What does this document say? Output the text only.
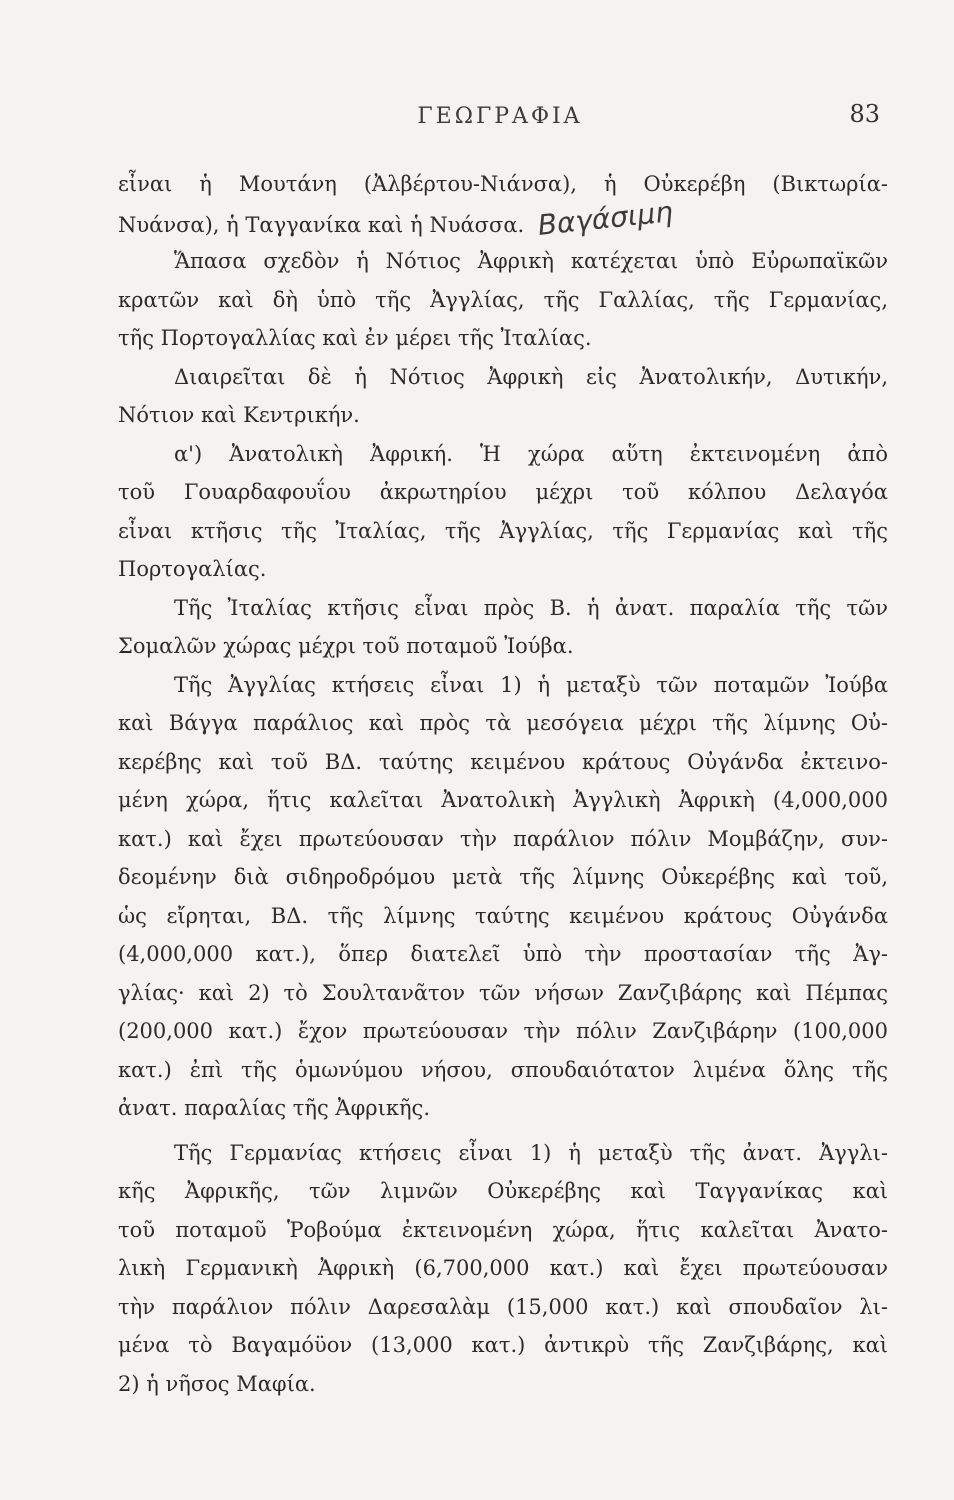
ΓΕΩΓΡΑΦΙΑ	83
εἶναι ἡ Μουτάνη (Ἀλβέρτου-Νιάνσα), ἡ Οὐκερέβη (Βικτωρία-
Νυάνσα), ἡ Ταγγανίκα καὶ ἡ Νυάσσα. Βαγάσιμη
Ἅπασα σχεδὸν ἡ Νότιος Ἀφρικὴ κατέχεται ὑπὸ Εὐρωπαϊκῶν
κρατῶν καὶ δὴ ὑπὸ τῆς Ἀγγλίας, τῆς Γαλλίας, τῆς Γερμανίας,
τῆς Πορτογαλλίας καὶ ἐν μέρει τῆς Ἰταλίας.
Διαιρεῖται δὲ ἡ Νότιος Ἀφρικὴ εἰς Ἀνατολικήν, Δυτικήν,
Νότιον καὶ Κεντρικήν.
α') Ἀνατολικὴ Ἀφρική. Ἡ χώρα αὕτη ἐκτεινομένη ἀπὸ
τοῦ Γουαρδαφουΐου ἀκρωτηρίου μέχρι τοῦ κόλπου Δελαγόα
εἶναι κτῆσις τῆς Ἰταλίας, τῆς Ἀγγλίας, τῆς Γερμανίας καὶ τῆς
Πορτογαλίας.
Τῆς Ἰταλίας κτῆσις εἶναι πρὸς Β. ἡ ἀνατ. παραλία τῆς τῶν
Σομαλῶν χώρας μέχρι τοῦ ποταμοῦ Ἰούβα.
Τῆς Ἀγγλίας κτήσεις εἶναι 1) ἡ μεταξὺ τῶν ποταμῶν Ἰούβα
καὶ Βάγγα παράλιος καὶ πρὸς τὰ μεσόγεια μέχρι τῆς λίμνης Οὐ-
κερέβης καὶ τοῦ ΒΔ. ταύτης κειμένου κράτους Οὐγάνδα ἐκτεινο-
μένη χώρα, ἥτις καλεῖται Ἀνατολικὴ Ἀγγλικὴ Ἀφρικὴ (4,000,000
κατ.) καὶ ἔχει πρωτεύουσαν τὴν παράλιον πόλιν Μομβάζην, συν-
δεομένην διὰ σιδηροδρόμου μετὰ τῆς λίμνης Οὐκερέβης καὶ τοῦ,
ὡς εἴρηται, ΒΔ. τῆς λίμνης ταύτης κειμένου κράτους Οὐγάνδα
(4,000,000 κατ.), ὅπερ διατελεῖ ὑπὸ τὴν προστασίαν τῆς Ἀγ-
γλίας· καὶ 2) τὸ Σουλτανᾶτον τῶν νήσων Ζανζιβάρης καὶ Πέμπας
(200,000 κατ.) ἔχον πρωτεύουσαν τὴν πόλιν Ζανζιβάρην (100,000
κατ.) ἐπὶ τῆς ὁμωνύμου νήσου, σπουδαιότατον λιμένα ὅλης τῆς
ἀνατ. παραλίας τῆς Ἀφρικῆς.
Τῆς Γερμανίας κτήσεις εἶναι 1) ἡ μεταξὺ τῆς ἀνατ. Ἀγγλι-
κῆς Ἀφρικῆς, τῶν λιμνῶν Οὐκερέβης καὶ Ταγγανίκας καὶ
τοῦ ποταμοῦ Ῥοβούμα ἐκτεινομένη χώρα, ἥτις καλεῖται Ἀνατο-
λικὴ Γερμανικὴ Ἀφρικὴ (6,700,000 κατ.) καὶ ἔχει πρωτεύουσαν
τὴν παράλιον πόλιν Δαρεσαλὰμ (15,000 κατ.) καὶ σπουδαῖον λι-
μένα τὸ Βαγαμόϋον (13,000 κατ.) ἀντικρὺ τῆς Ζανζιβάρης, καὶ
2) ἡ νῆσος Μαφία.
